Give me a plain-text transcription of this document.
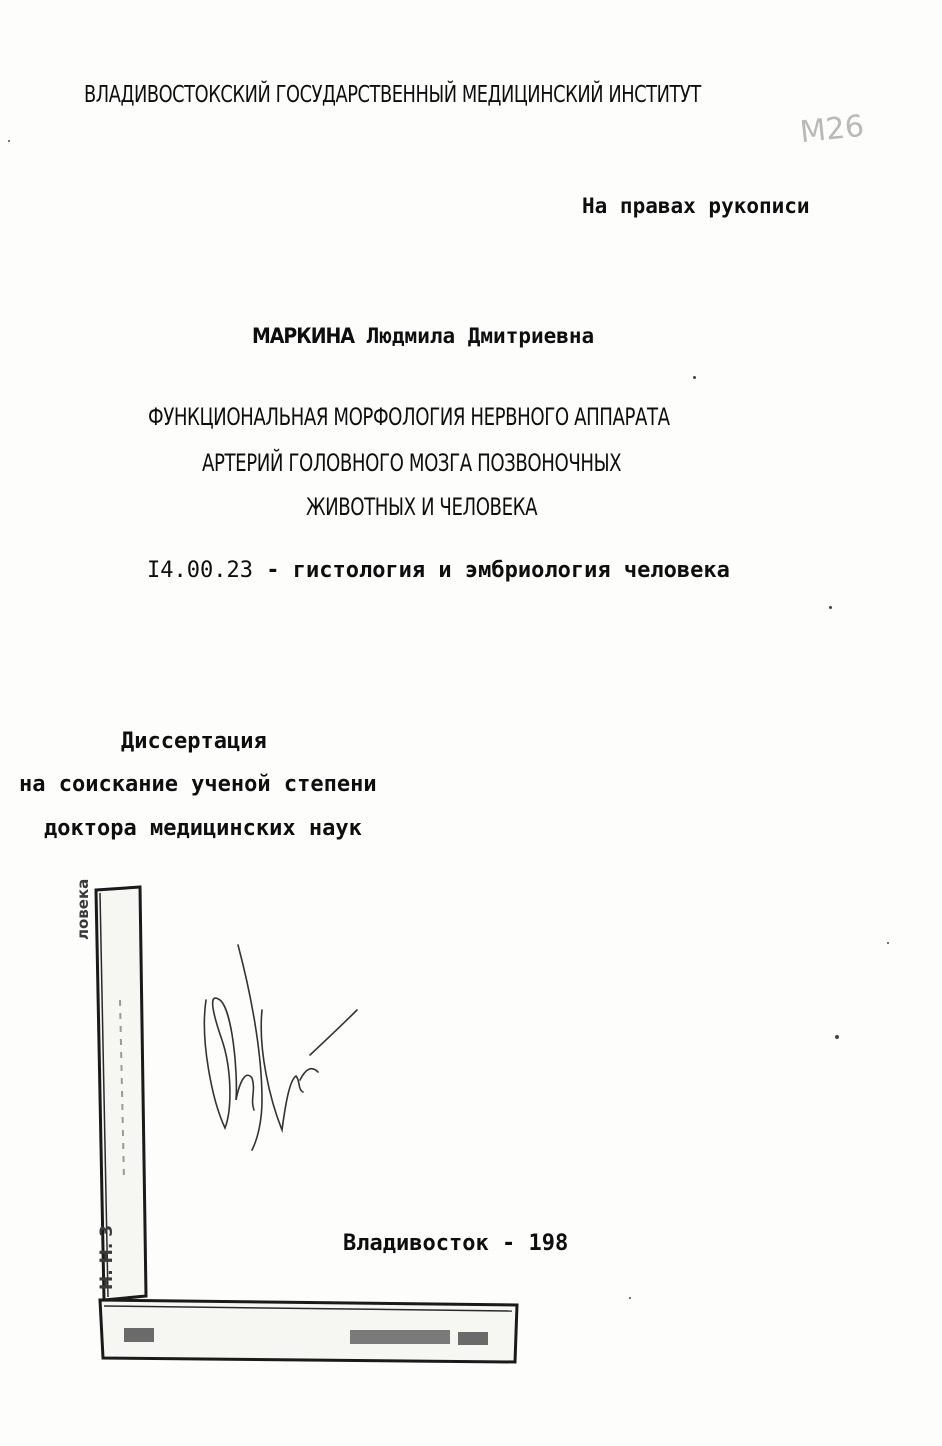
ВЛАДИВОСТОКСКИЙ ГОСУДАРСТВЕННЫЙ МЕДИЦИНСКИЙ ИНСТИТУТ
M26
На правах рукописи
МАРКИНА Людмила Дмитриевна
ФУНКЦИОНАЛЬНАЯ МОРФОЛОГИЯ НЕРВНОГО АППАРАТА
АРТЕРИЙ ГОЛОВНОГО МОЗГА ПОЗВОНОЧНЫХ
ЖИВОТНЫХ И ЧЕЛОВЕКА
I4.00.23 - гистология и эмбриология человека
Диссертация
на соискание ученой степени
доктора медицинских наук
Владивосток - 198
ловека
Н. Н. 3
